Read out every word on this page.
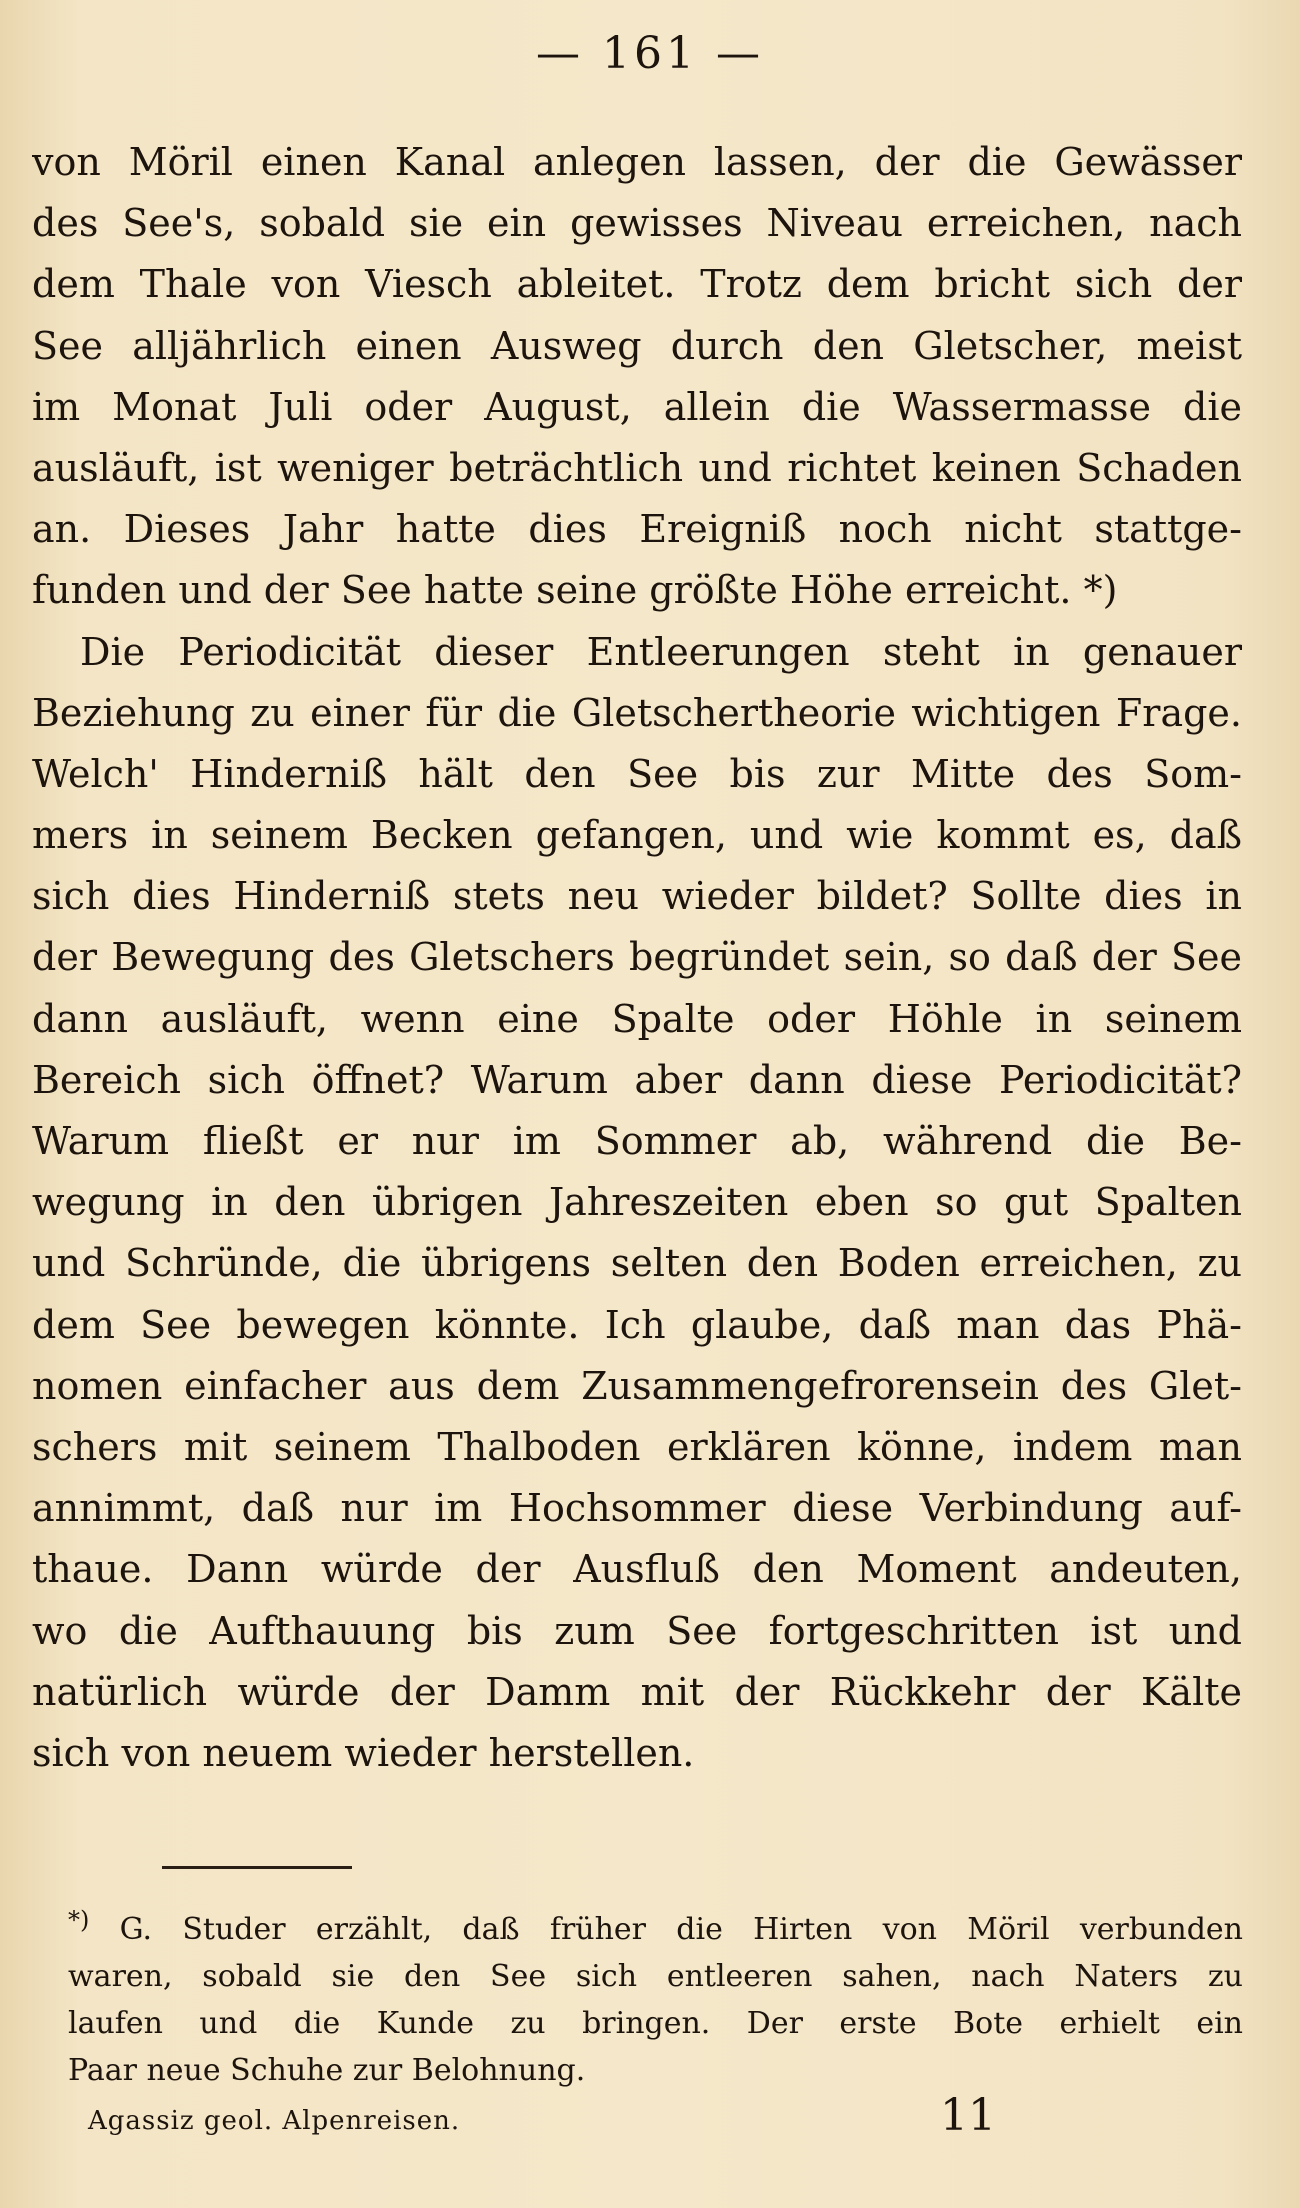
— 161 —
von Möril einen Kanal anlegen lassen, der die Gewässer
des See's, sobald sie ein gewisses Niveau erreichen, nach
dem Thale von Viesch ableitet. Trotz dem bricht sich der
See alljährlich einen Ausweg durch den Gletscher, meist
im Monat Juli oder August, allein die Wassermasse die
ausläuft, ist weniger beträchtlich und richtet keinen Schaden
an. Dieses Jahr hatte dies Ereigniß noch nicht stattge-
funden und der See hatte seine größte Höhe erreicht. *)
Die Periodicität dieser Entleerungen steht in genauer
Beziehung zu einer für die Gletschertheorie wichtigen Frage.
Welch' Hinderniß hält den See bis zur Mitte des Som-
mers in seinem Becken gefangen, und wie kommt es, daß
sich dies Hinderniß stets neu wieder bildet? Sollte dies in
der Bewegung des Gletschers begründet sein, so daß der See
dann ausläuft, wenn eine Spalte oder Höhle in seinem
Bereich sich öffnet? Warum aber dann diese Periodicität?
Warum fließt er nur im Sommer ab, während die Be-
wegung in den übrigen Jahreszeiten eben so gut Spalten
und Schründe, die übrigens selten den Boden erreichen, zu
dem See bewegen könnte. Ich glaube, daß man das Phä-
nomen einfacher aus dem Zusammengefrorensein des Glet-
schers mit seinem Thalboden erklären könne, indem man
annimmt, daß nur im Hochsommer diese Verbindung auf-
thaue. Dann würde der Ausfluß den Moment andeuten,
wo die Aufthauung bis zum See fortgeschritten ist und
natürlich würde der Damm mit der Rückkehr der Kälte
sich von neuem wieder herstellen.
*) G. Studer erzählt, daß früher die Hirten von Möril verbunden
waren, sobald sie den See sich entleeren sahen, nach Naters zu
laufen und die Kunde zu bringen. Der erste Bote erhielt ein
Paar neue Schuhe zur Belohnung.
Agassiz geol. Alpenreisen.	11
